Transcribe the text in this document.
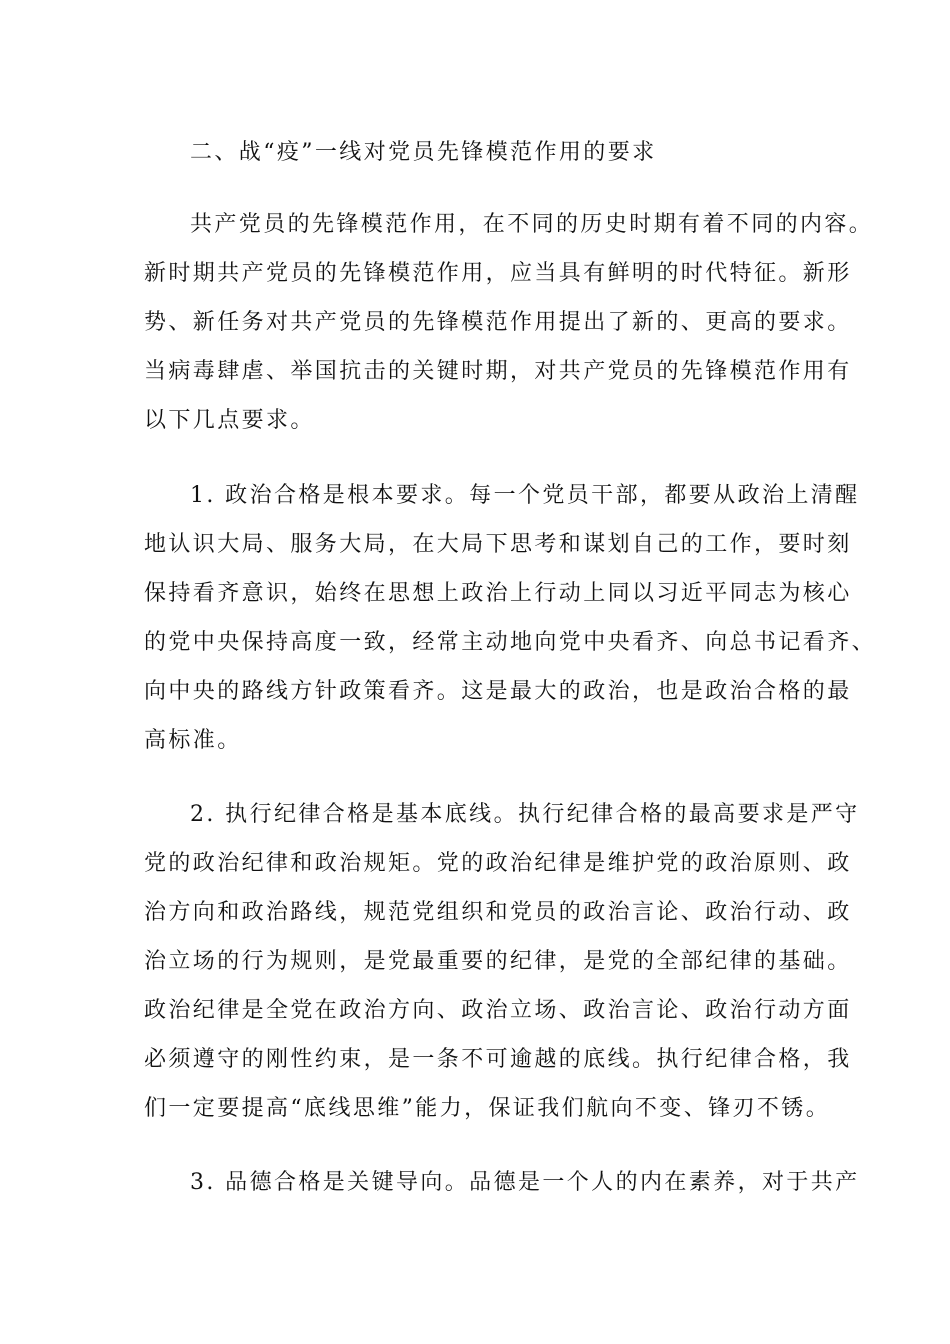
二、战“疫”一线对党员先锋模范作用的要求

共产党员的先锋模范作用，在不同的历史时期有着不同的内容。

新时期共产党员的先锋模范作用，应当具有鲜明的时代特征。新形

势、新任务对共产党员的先锋模范作用提出了新的、更高的要求。

当病毒肆虐、举国抗击的关键时期，对共产党员的先锋模范作用有

以下几点要求。

1. 政治合格是根本要求。每一个党员干部，都要从政治上清醒

地认识大局、服务大局，在大局下思考和谋划自己的工作，要时刻

保持看齐意识，始终在思想上政治上行动上同以习近平同志为核心

的党中央保持高度一致，经常主动地向党中央看齐、向总书记看齐、

向中央的路线方针政策看齐。这是最大的政治，也是政治合格的最

高标准。

2. 执行纪律合格是基本底线。执行纪律合格的最高要求是严守

党的政治纪律和政治规矩。党的政治纪律是维护党的政治原则、政

治方向和政治路线，规范党组织和党员的政治言论、政治行动、政

治立场的行为规则，是党最重要的纪律，是党的全部纪律的基础。

政治纪律是全党在政治方向、政治立场、政治言论、政治行动方面

必须遵守的刚性约束，是一条不可逾越的底线。执行纪律合格，我

们一定要提高“底线思维”能力，保证我们航向不变、锋刃不锈。

3. 品德合格是关键导向。品德是一个人的内在素养，对于共产
